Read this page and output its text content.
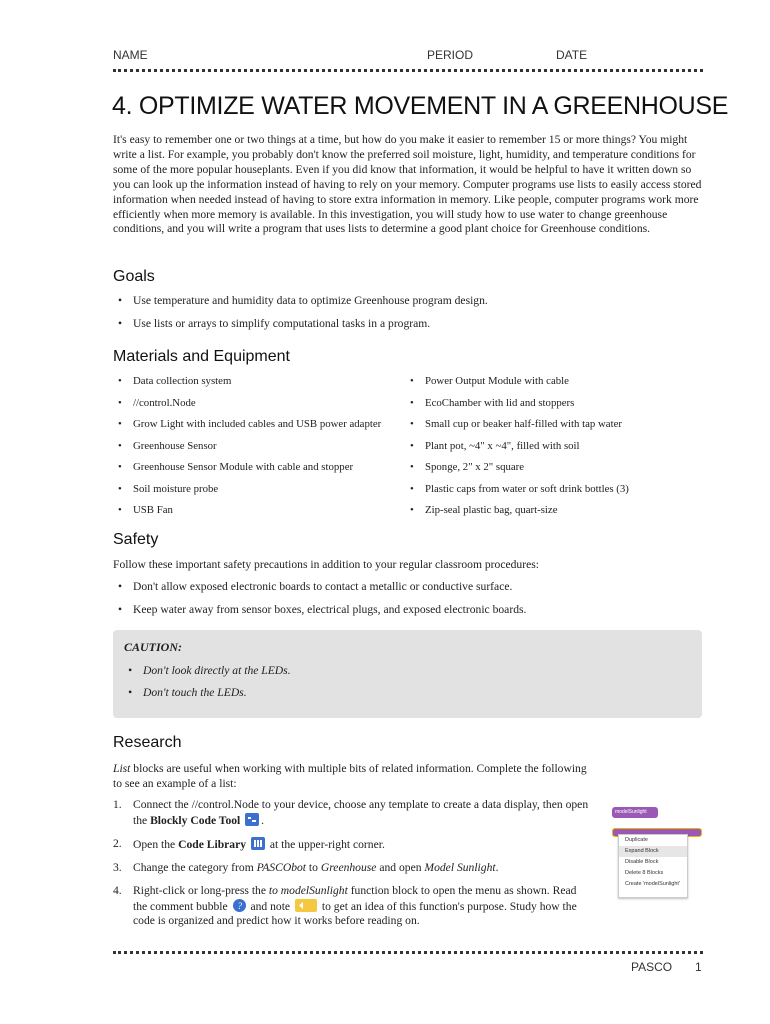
NAME	PERIOD	DATE
4. OPTIMIZE WATER MOVEMENT IN A GREENHOUSE

It's easy to remember one or two things at a time, but how do you make it easier to remember 15 or more things? You might write a list. For example, you probably don't know the preferred soil moisture, light, humidity, and temperature conditions for some of the more popular houseplants. Even if you did know that information, it would be helpful to have it written down so you can look up the information instead of having to rely on your memory. Computer programs use lists to easily access stored information when needed instead of having to store extra information in memory. Like people, computer programs work more efficiently when more memory is available. In this investigation, you will study how to use water to change greenhouse conditions, and you will write a program that uses lists to determine a good plant choice for Greenhouse conditions.

Goals
• Use temperature and humidity data to optimize Greenhouse program design.
• Use lists or arrays to simplify computational tasks in a program.
Materials and Equipment
• Data collection system
• //control.Node
• Grow Light with included cables and USB power adapter
• Greenhouse Sensor
• Greenhouse Sensor Module with cable and stopper
• Soil moisture probe
• USB Fan
• Power Output Module with cable
• EcoChamber with lid and stoppers
• Small cup or beaker half-filled with tap water
• Plant pot, ~4" x ~4", filled with soil
• Sponge, 2" x 2" square
• Plastic caps from water or soft drink bottles (3)
• Zip-seal plastic bag, quart-size
Safety

Follow these important safety precautions in addition to your regular classroom procedures:

• Don't allow exposed electronic boards to contact a metallic or conductive surface.
• Keep water away from sensor boxes, electrical plugs, and exposed electronic boards.
CAUTION:
• Don't look directly at the LEDs.
• Don't touch the LEDs.
Research

List blocks are useful when working with multiple bits of related information. Complete the following to see an example of a list:

1. Connect the //control.Node to your device, choose any template to create a data display, then open the Blockly Code Tool .
2. Open the Code Library  at the upper-right corner.
3. Change the category from PASCObot to Greenhouse and open Model Sunlight.
4. Right-click or long-press the to modelSunlight function block to open the menu as shown. Read the comment bubble ? and note  to get an idea of this function's purpose. Study how the code is organized and predict how it works before reading on.
modelSunlight
Duplicate
Expand Block
Disable Block
Delete 8 Blocks
Create 'modelSunlight'
PASCO 1
